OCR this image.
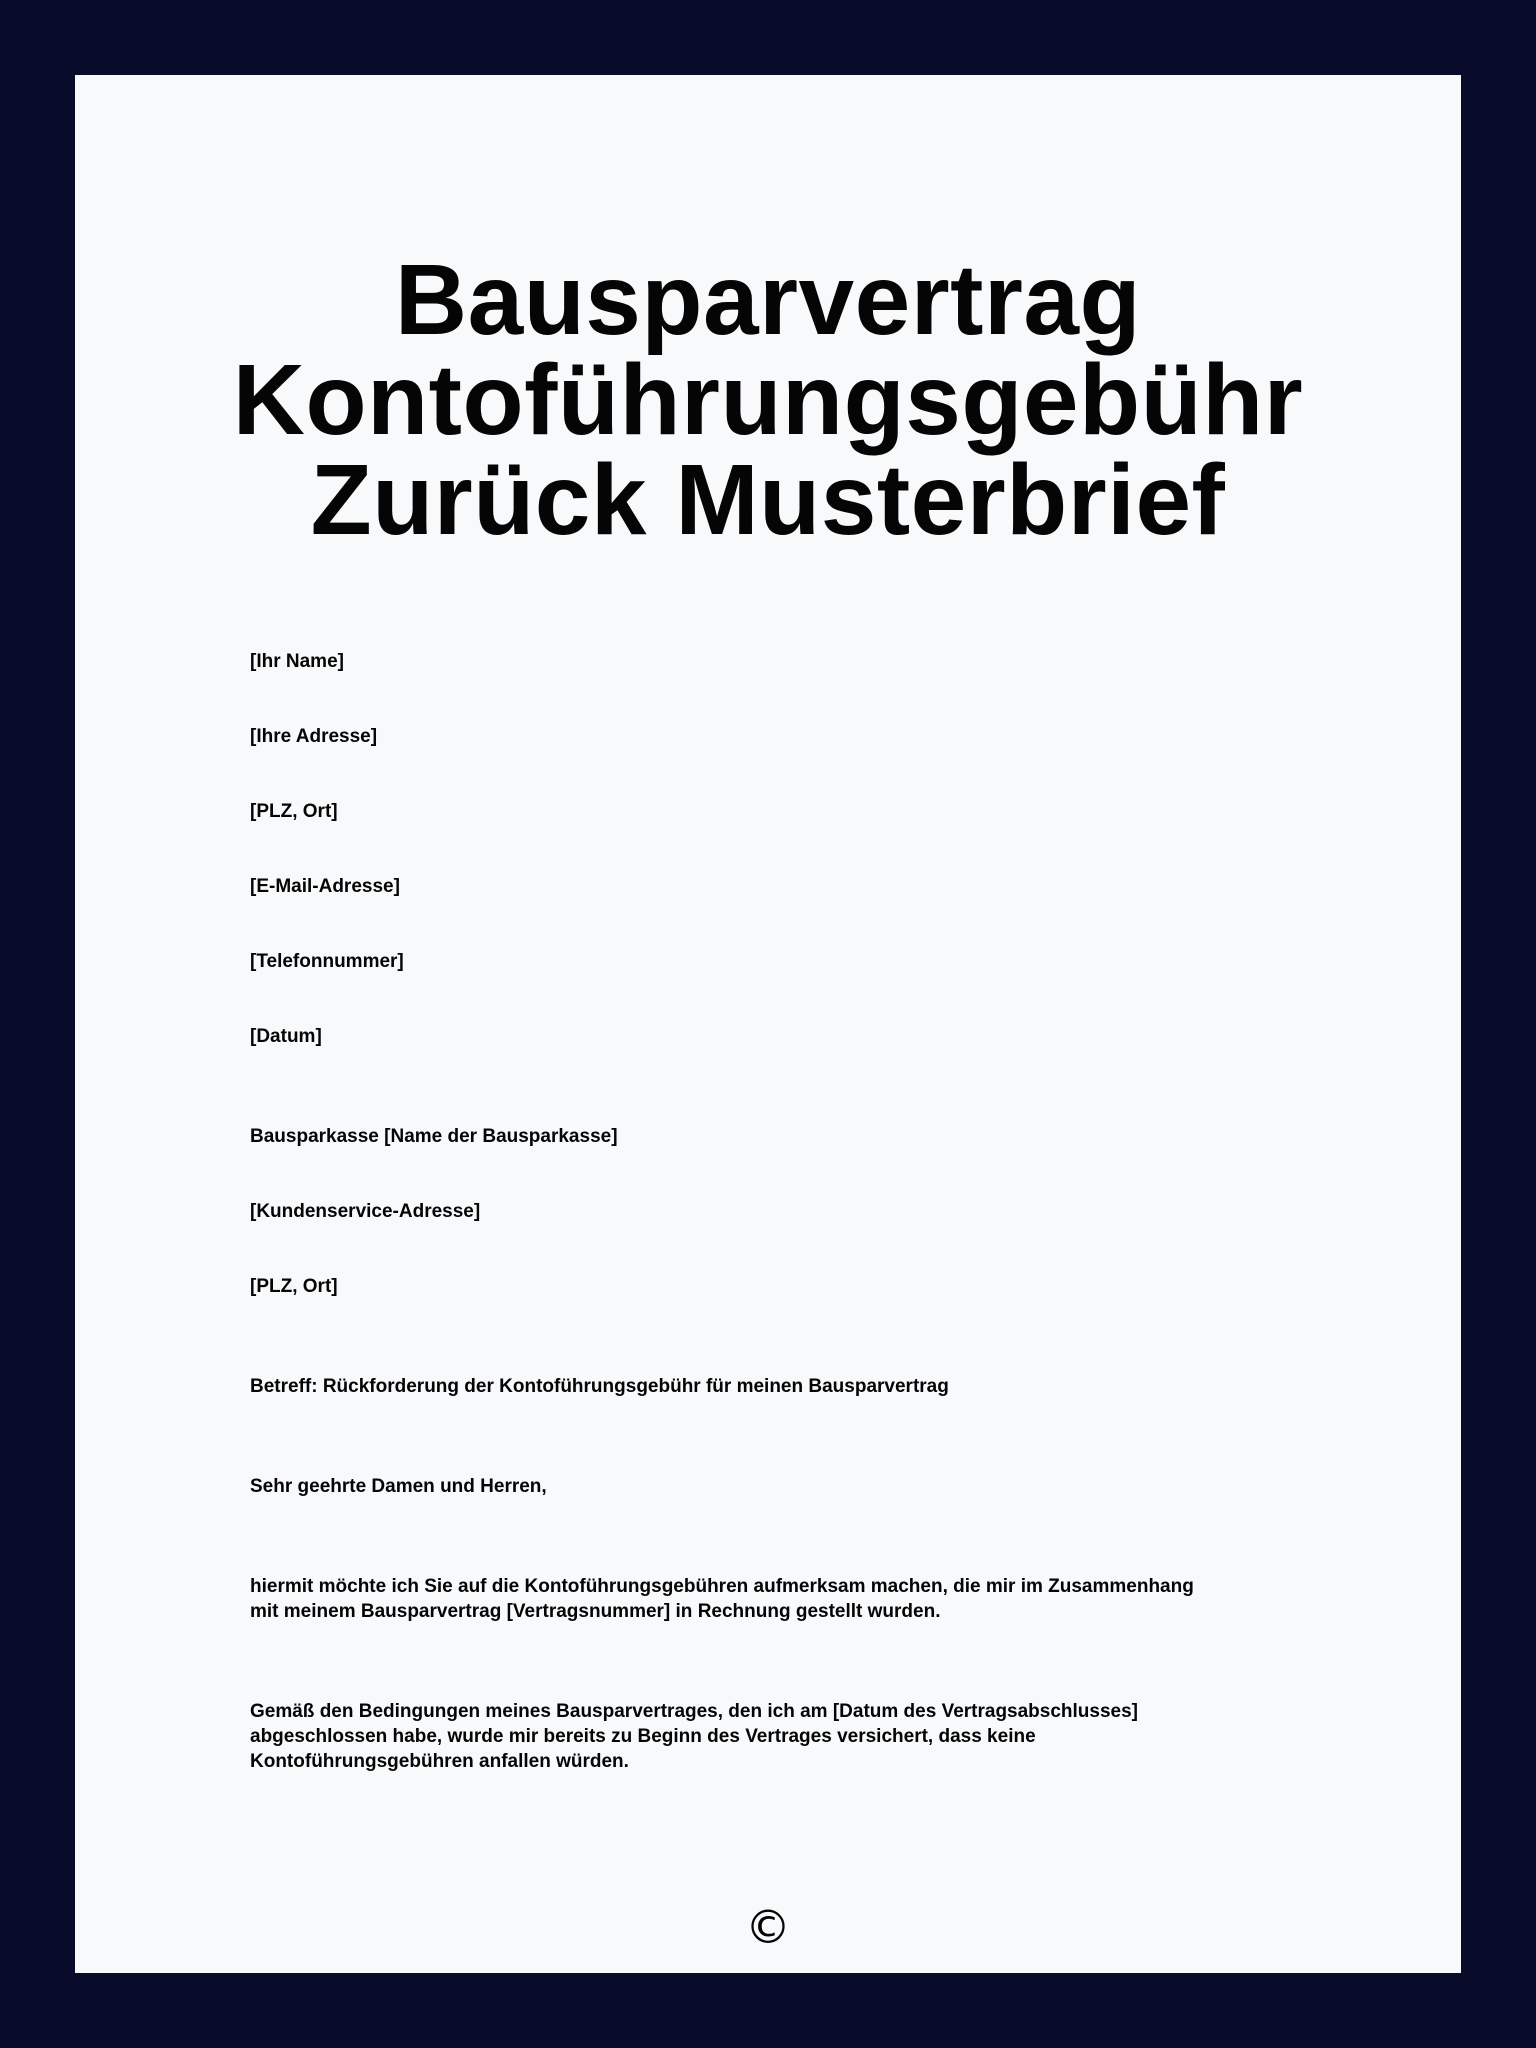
Bausparvertrag
Kontoführungsgebühr
Zurück Musterbrief

[Ihr Name]

[Ihre Adresse]

[PLZ, Ort]

[E-Mail-Adresse]

[Telefonnummer]

[Datum]

Bausparkasse [Name der Bausparkasse]

[Kundenservice-Adresse]

[PLZ, Ort]

Betreff: Rückforderung der Kontoführungsgebühr für meinen Bausparvertrag

Sehr geehrte Damen und Herren,

hiermit möchte ich Sie auf die Kontoführungsgebühren aufmerksam machen, die mir im Zusammenhang
mit meinem Bausparvertrag [Vertragsnummer] in Rechnung gestellt wurden.
Gemäß den Bedingungen meines Bausparvertrages, den ich am [Datum des Vertragsabschlusses]
abgeschlossen habe, wurde mir bereits zu Beginn des Vertrages versichert, dass keine
Kontoführungsgebühren anfallen würden.
©
